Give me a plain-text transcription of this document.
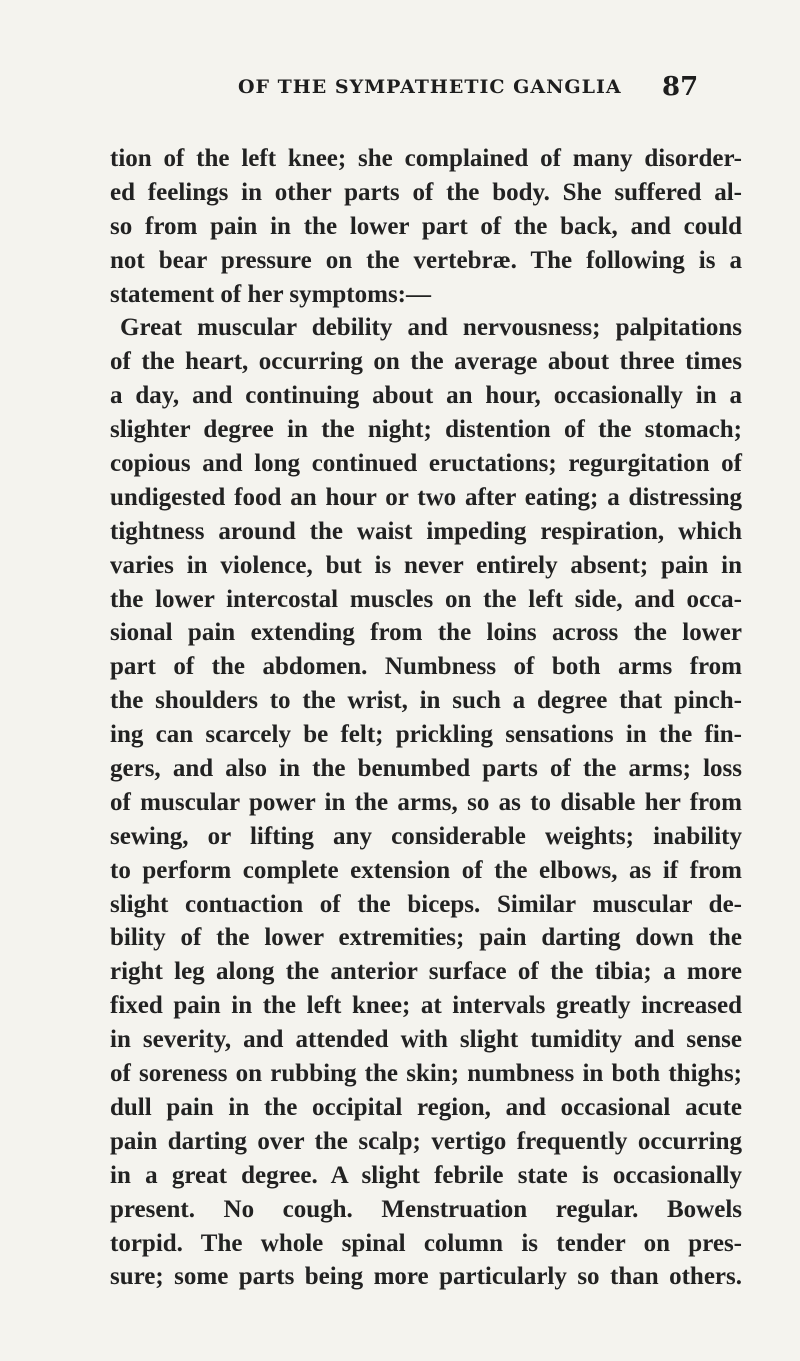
OF THE SYMPATHETIC GANGLIA 87
tion of the left knee; she complained of many disorder-
ed feelings in other parts of the body. She suffered al-
so from pain in the lower part of the back, and could
not bear pressure on the vertebræ. The following is a
statement of her symptoms:—
Great muscular debility and nervousness; palpitations
of the heart, occurring on the average about three times
a day, and continuing about an hour, occasionally in a
slighter degree in the night; distention of the stomach;
copious and long continued eructations; regurgitation of
undigested food an hour or two after eating; a distressing
tightness around the waist impeding respiration, which
varies in violence, but is never entirely absent; pain in
the lower intercostal muscles on the left side, and occa-
sional pain extending from the loins across the lower
part of the abdomen. Numbness of both arms from
the shoulders to the wrist, in such a degree that pinch-
ing can scarcely be felt; prickling sensations in the fin-
gers, and also in the benumbed parts of the arms; loss
of muscular power in the arms, so as to disable her from
sewing, or lifting any considerable weights; inability
to perform complete extension of the elbows, as if from
slight contıaction of the biceps. Similar muscular de-
bility of the lower extremities; pain darting down the
right leg along the anterior surface of the tibia; a more
fixed pain in the left knee; at intervals greatly increased
in severity, and attended with slight tumidity and sense
of soreness on rubbing the skin; numbness in both thighs;
dull pain in the occipital region, and occasional acute
pain darting over the scalp; vertigo frequently occurring
in a great degree. A slight febrile state is occasionally
present. No cough. Menstruation regular. Bowels
torpid. The whole spinal column is tender on pres-
sure; some parts being more particularly so than others.
